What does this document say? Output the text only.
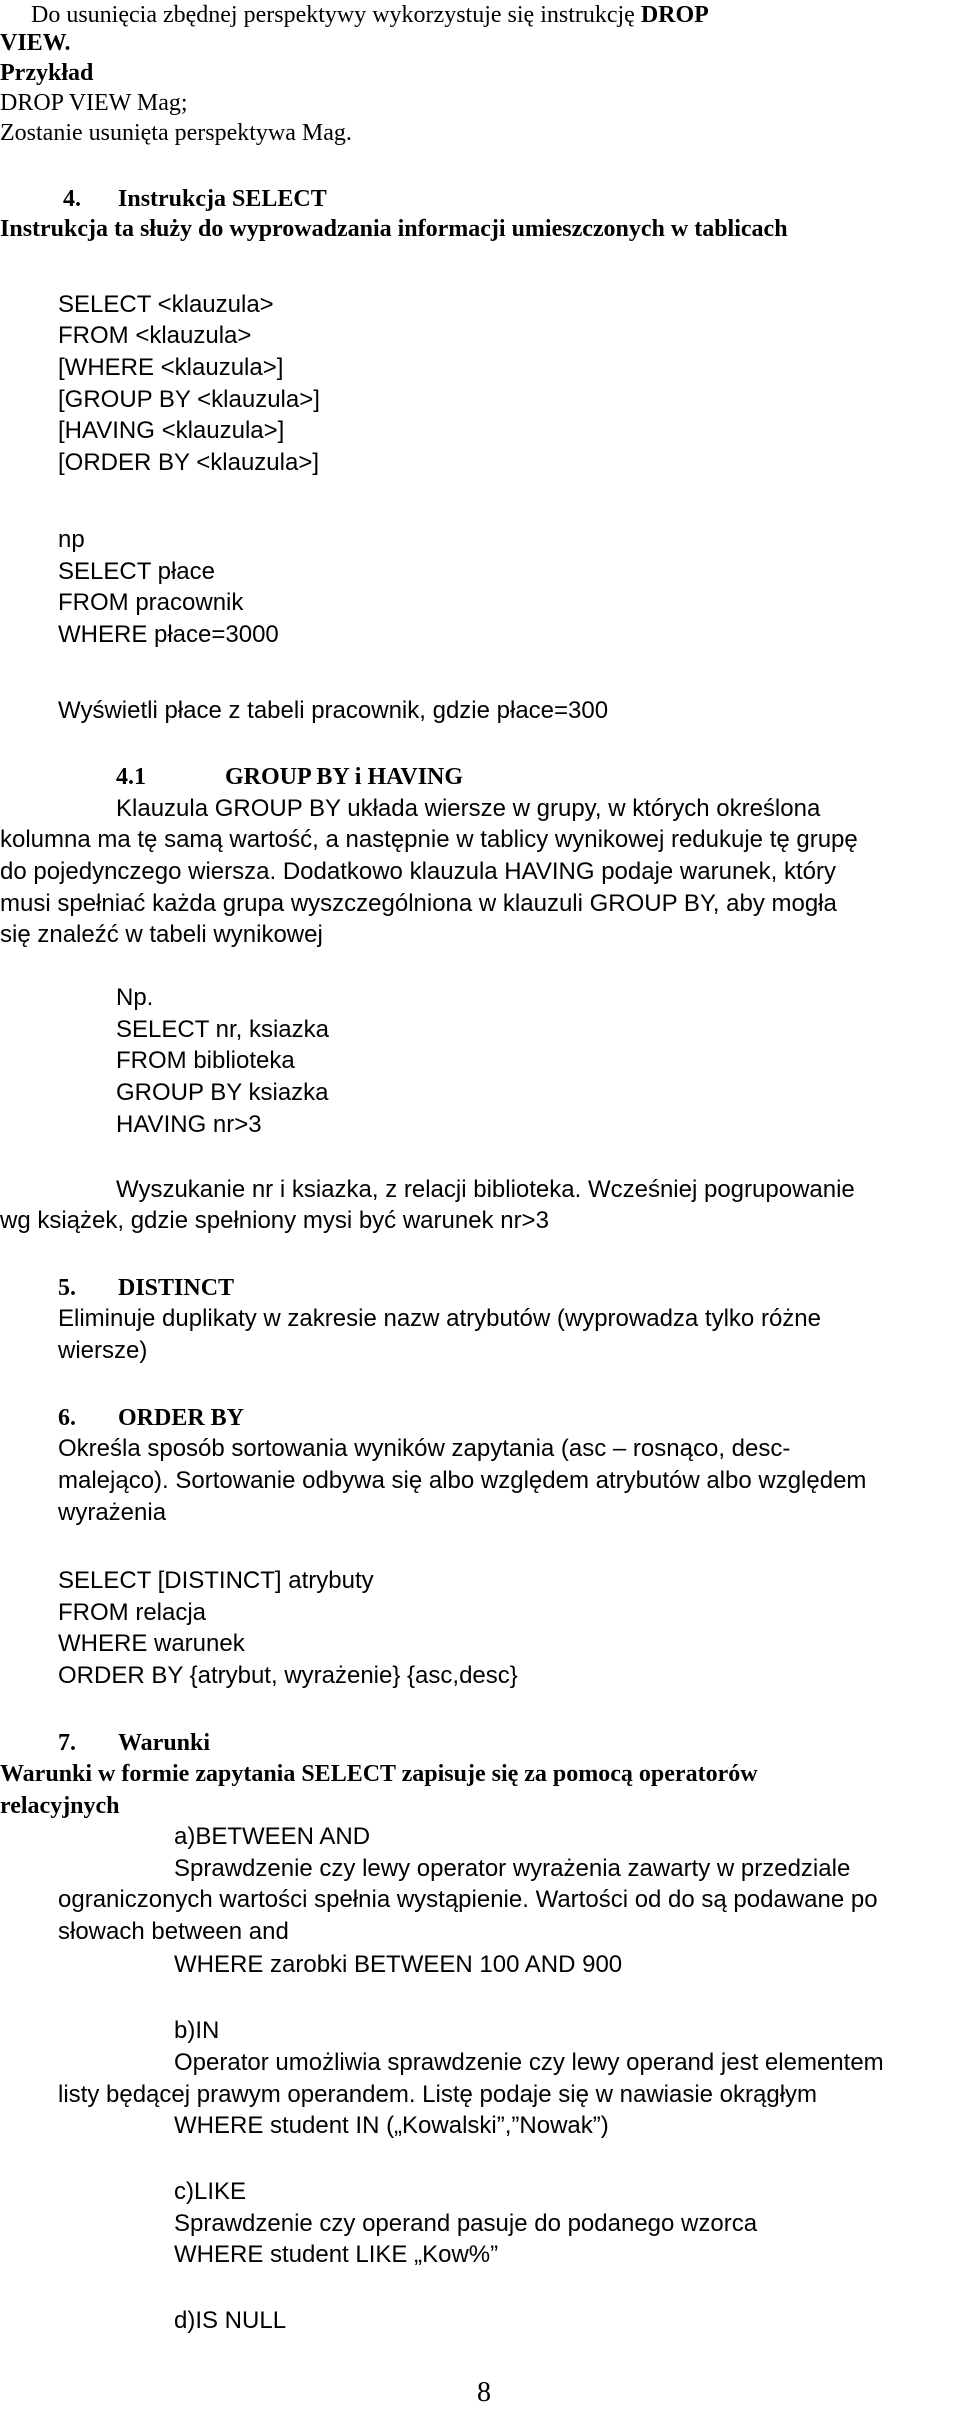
Do usunięcia zbędnej perspektywy wykorzystuje się instrukcję DROP
VIEW.
Przykład
DROP VIEW Mag;
Zostanie usunięta perspektywa Mag.
4. Instrukcja SELECT
Instrukcja ta służy do wyprowadzania informacji umieszczonych w tablicach
SELECT <klauzula>
FROM <klauzula>
[WHERE <klauzula>]
[GROUP BY <klauzula>]
[HAVING <klauzula>]
[ORDER BY <klauzula>]
np
SELECT płace
FROM pracownik
WHERE płace=3000
Wyświetli płace z tabeli pracownik, gdzie płace=300
4.1	GROUP BY i HAVING
Klauzula GROUP BY układa wiersze w grupy, w których określona
kolumna ma tę samą wartość, a następnie w tablicy wynikowej redukuje tę grupę
do pojedynczego wiersza. Dodatkowo klauzula HAVING podaje warunek, który
musi spełniać każda grupa wyszczególniona w klauzuli GROUP BY, aby mogła
się znaleźć w tabeli wynikowej
Np.
SELECT nr, ksiazka
FROM biblioteka
GROUP BY ksiazka
HAVING nr>3
Wyszukanie nr i ksiazka, z relacji biblioteka. Wcześniej pogrupowanie
wg książek, gdzie spełniony mysi być warunek nr>3
5. DISTINCT
Eliminuje duplikaty w zakresie nazw atrybutów (wyprowadza tylko różne
wiersze)
6. ORDER BY
Określa sposób sortowania wyników zapytania (asc – rosnąco, desc-
malejąco). Sortowanie odbywa się albo względem atrybutów albo względem
wyrażenia
SELECT [DISTINCT] atrybuty
FROM relacja
WHERE warunek
ORDER BY {atrybut, wyrażenie} {asc,desc}
7. Warunki
Warunki w formie zapytania SELECT zapisuje się za pomocą operatorów
relacyjnych
a)BETWEEN AND
Sprawdzenie czy lewy operator wyrażenia zawarty w przedziale
ograniczonych wartości spełnia wystąpienie. Wartości od do są podawane po
słowach between and
WHERE zarobki BETWEEN 100 AND 900
b)IN
Operator umożliwia sprawdzenie czy lewy operand jest elementem
listy będącej prawym operandem. Listę podaje się w nawiasie okrągłym
WHERE student IN („Kowalski”,”Nowak”)
c)LIKE
Sprawdzenie czy operand pasuje do podanego wzorca
WHERE student LIKE „Kow%”
d)IS NULL
8
